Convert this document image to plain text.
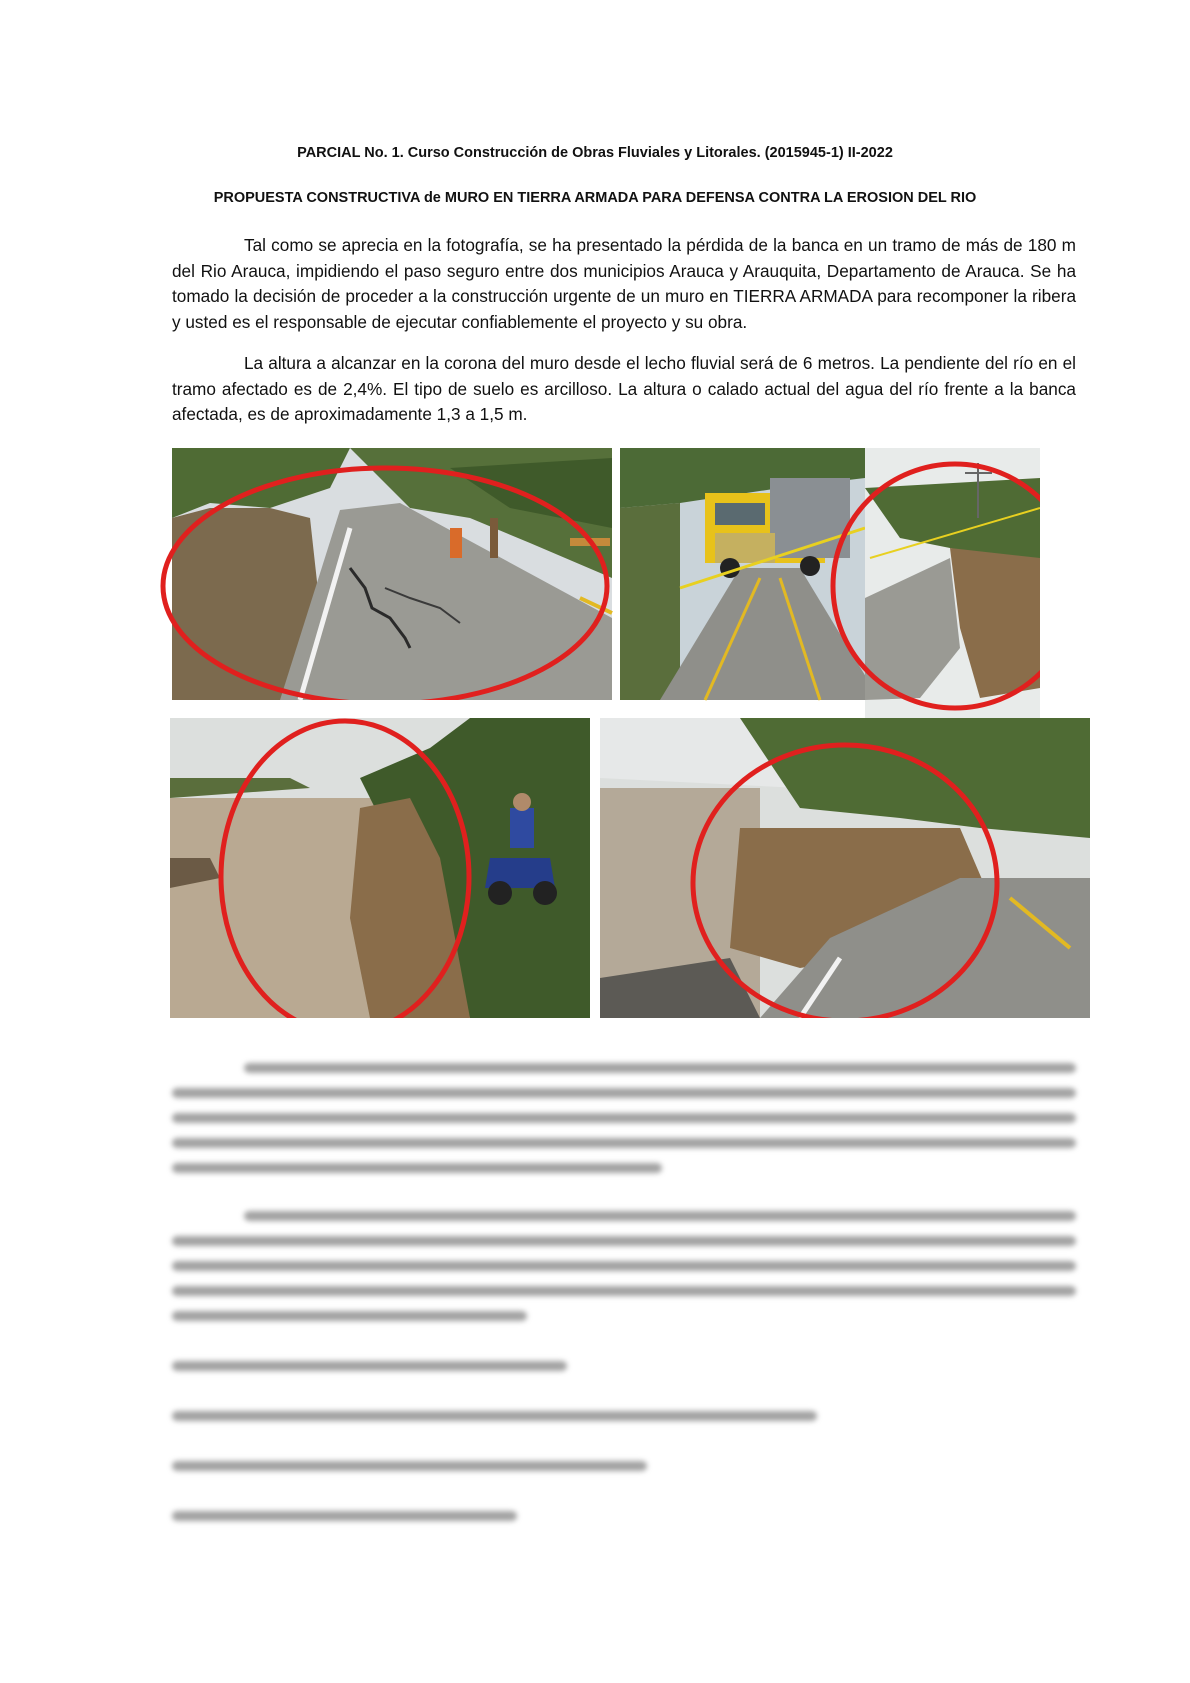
PARCIAL No. 1. Curso Construcción de Obras Fluviales y Litorales. (2015945-1) II-2022
PROPUESTA CONSTRUCTIVA de MURO EN TIERRA ARMADA PARA DEFENSA CONTRA LA EROSION DEL RIO

Tal como se aprecia en la fotografía, se ha presentado la pérdida de la banca en un tramo de más de 180 m del Rio Arauca, impidiendo el paso seguro entre dos municipios Arauca y Arauquita, Departamento de Arauca. Se ha tomado la decisión de proceder a la construcción urgente de un muro en TIERRA ARMADA para recomponer la ribera y usted es el responsable de ejecutar confiablemente el proyecto y su obra.

La altura a alcanzar en la corona del muro desde el lecho fluvial será de 6 metros. La pendiente del río en el tramo afectado es de 2,4%. El tipo de suelo es arcilloso. La altura o calado actual del agua del río frente a la banca afectada, es de aproximadamente 1,3 a 1,5 m.
